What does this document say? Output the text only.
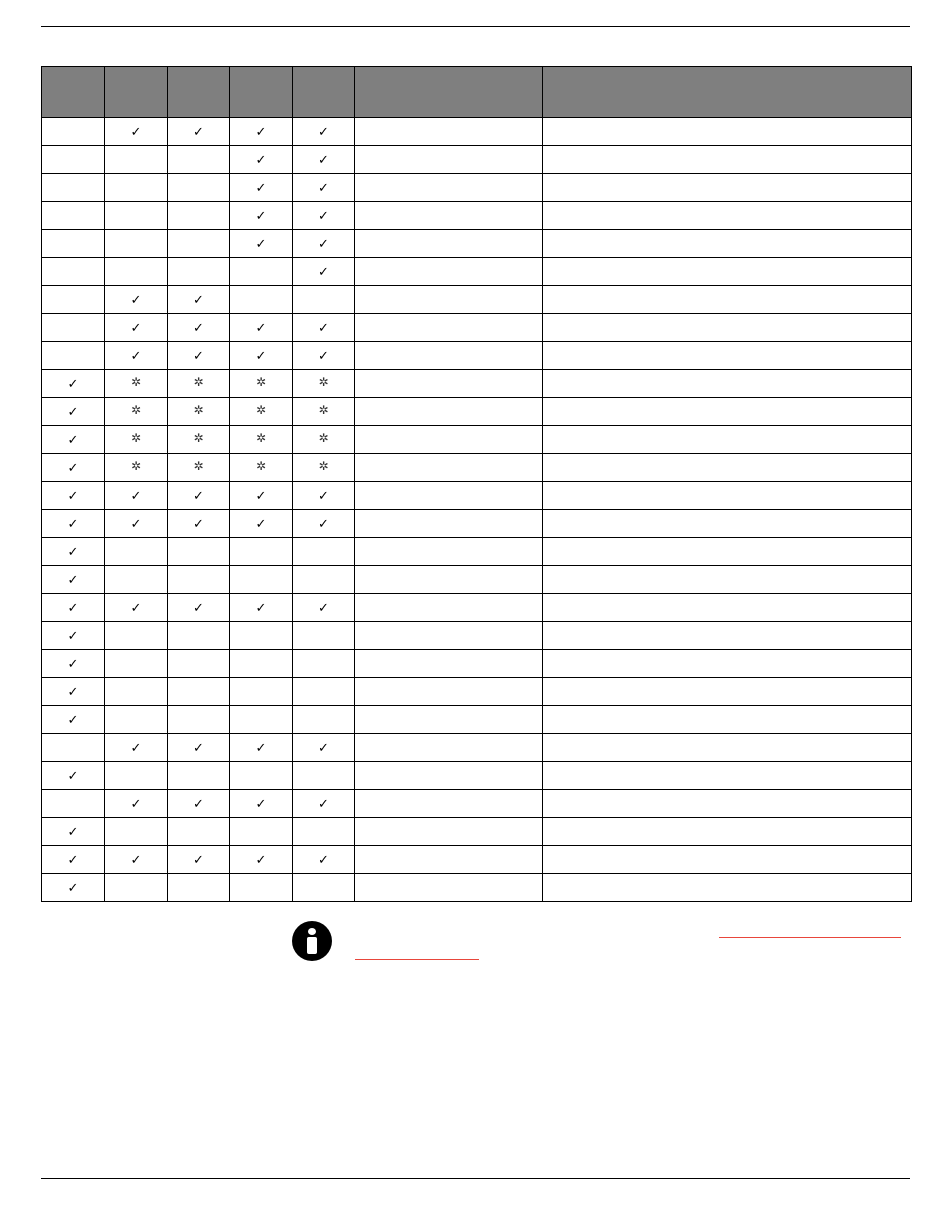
	✓	✓	✓	✓		
			✓	✓		
			✓	✓		
			✓	✓		
			✓	✓		
				✓		
	✓	✓				
	✓	✓	✓	✓		
	✓	✓	✓	✓		
✓	✲	✲	✲	✲		
✓	✲	✲	✲	✲		
✓	✲	✲	✲	✲		
✓	✲	✲	✲	✲		
✓	✓	✓	✓	✓		
✓	✓	✓	✓	✓		
✓						
✓						
✓	✓	✓	✓	✓		
✓						
✓						
✓						
✓						
	✓	✓	✓	✓		
✓						
	✓	✓	✓	✓		
✓						
✓	✓	✓	✓	✓		
✓						
